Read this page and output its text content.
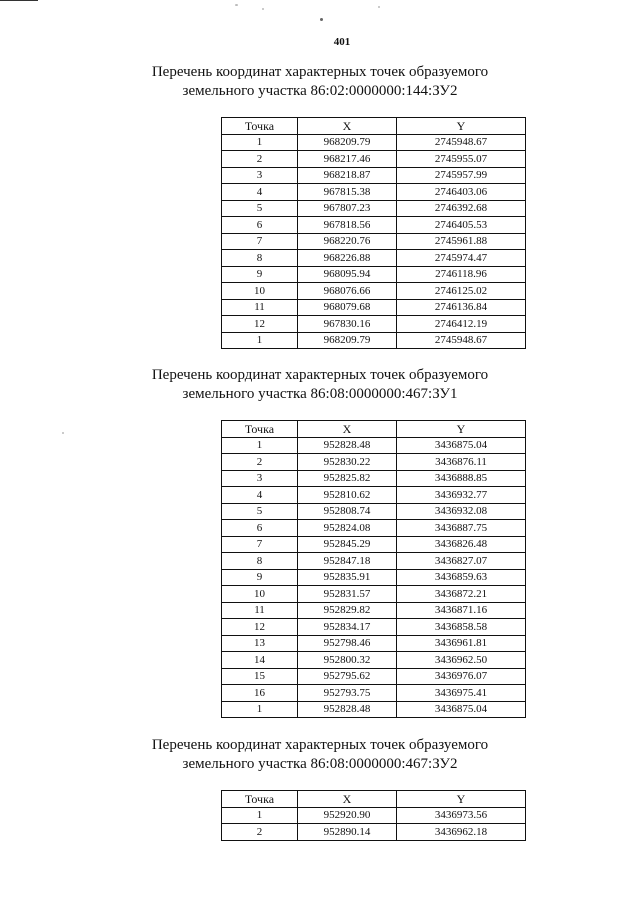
401
Перечень координат характерных точек образуемого
земельного участка 86:02:0000000:144:ЗУ2
Точка	X	Y
1	968209.79	2745948.67
2	968217.46	2745955.07
3	968218.87	2745957.99
4	967815.38	2746403.06
5	967807.23	2746392.68
6	967818.56	2746405.53
7	968220.76	2745961.88
8	968226.88	2745974.47
9	968095.94	2746118.96
10	968076.66	2746125.02
11	968079.68	2746136.84
12	967830.16	2746412.19
1	968209.79	2745948.67
Перечень координат характерных точек образуемого
земельного участка 86:08:0000000:467:ЗУ1
Точка	X	Y
1	952828.48	3436875.04
2	952830.22	3436876.11
3	952825.82	3436888.85
4	952810.62	3436932.77
5	952808.74	3436932.08
6	952824.08	3436887.75
7	952845.29	3436826.48
8	952847.18	3436827.07
9	952835.91	3436859.63
10	952831.57	3436872.21
11	952829.82	3436871.16
12	952834.17	3436858.58
13	952798.46	3436961.81
14	952800.32	3436962.50
15	952795.62	3436976.07
16	952793.75	3436975.41
1	952828.48	3436875.04
Перечень координат характерных точек образуемого
земельного участка 86:08:0000000:467:ЗУ2
Точка	X	Y
1	952920.90	3436973.56
2	952890.14	3436962.18
